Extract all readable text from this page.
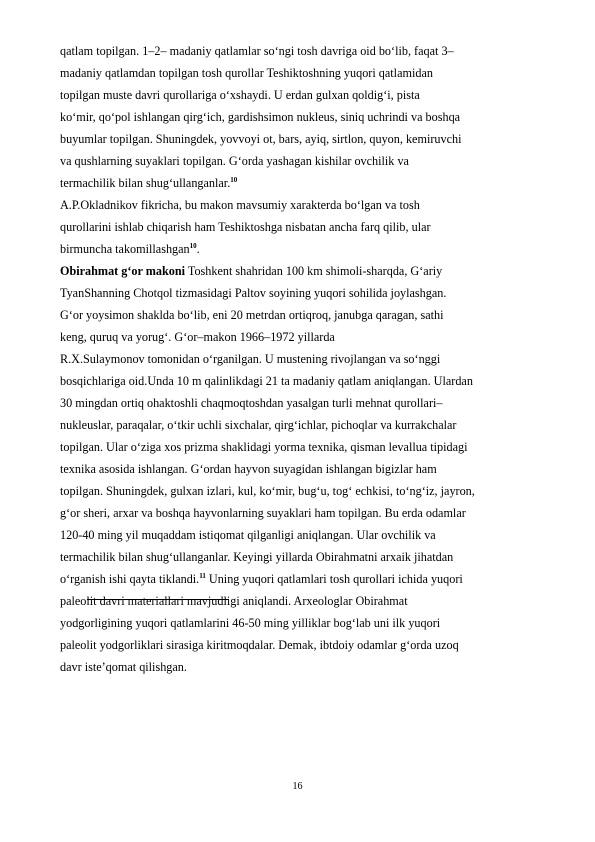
qatlam topilgan. 1–2– madaniy qatlamlar so‘ngi tosh davriga oid bo‘lib, faqat 3–
madaniy qatlamdan topilgan tosh qurollar Teshiktoshning yuqori qatlamidan
topilgan muste davri qurollariga o‘xshaydi. U erdan gulxan qoldig‘i, pista
ko‘mir, qo‘pol ishlangan qirg‘ich, gardishsimon nukleus, siniq uchrindi va boshqa
buyumlar topilgan. Shuningdek, yovvoyi ot, bars, ayiq, sirtlon, quyon, kemiruvchi
va qushlarning suyaklari topilgan. G‘orda yashagan kishilar ovchilik va
termachilik bilan shug‘ullanganlar.$^{10}$
A.P.Okladnikov fikricha, bu makon mavsumiy xarakterda bo‘lgan va tosh
qurollarini ishlab chiqarish ham Teshiktoshga nisbatan ancha farq qilib, ular
birmuncha takomillashgan$^{10}$.
Obirahmat g‘or makoni Toshkent shahridan 100 km shimoli-sharqda, G‘ariy
TyanShanning Chotqol tizmasidagi Paltov soyining yuqori sohilida joylashgan.
G‘or yoysimon shaklda bo‘lib, eni 20 metrdan ortiqroq, janubga qaragan, sathi
keng, quruq va yorug‘. G‘or–makon 1966–1972 yillarda
R.X.Sulaymonov tomonidan o‘rganilgan. U mustening rivojlangan va so‘nggi
bosqichlariga oid.Unda 10 m qalinlikdagi 21 ta madaniy qatlam aniqlangan. Ulardan
30 mingdan ortiq ohaktoshli chaqmoqtoshdan yasalgan turli mehnat qurollari–
nukleuslar, paraqalar, o‘tkir uchli sixchalar, qirg‘ichlar, pichoqlar va kurrakchalar
topilgan. Ular o‘ziga xos prizma shaklidagi yorma texnika, qisman levallua tipidagi
texnika asosida ishlangan. G‘ordan hayvon suyagidan ishlangan bigizlar ham
topilgan. Shuningdek, gulxan izlari, kul, ko‘mir, bug‘u, tog‘ echkisi, to‘ng‘iz, jayron,
g‘or sheri, arxar va boshqa hayvonlarning suyaklari ham topilgan. Bu erda odamlar
120-40 ming yil muqaddam istiqomat qilganligi aniqlangan. Ular ovchilik va
termachilik bilan shug‘ullanganlar. Keyingi yillarda Obirahmatni arxaik jihatdan
o‘rganish ishi qayta tiklandi.$^{11}$ Uning yuqori qatlamlari tosh qurollari ichida yuqori
paleolit davri materiallari mavjudligi aniqlandi. Arxeologlar Obirahmat
yodgorligining yuqori qatlamlarini 46-50 ming yilliklar bog‘lab uni ilk yuqori
paleolit yodgorliklari sirasiga kiritmoqdalar. Demak, ibtdoiy odamlar g‘orda uzoq
davr iste’qomat qilishgan.
16
